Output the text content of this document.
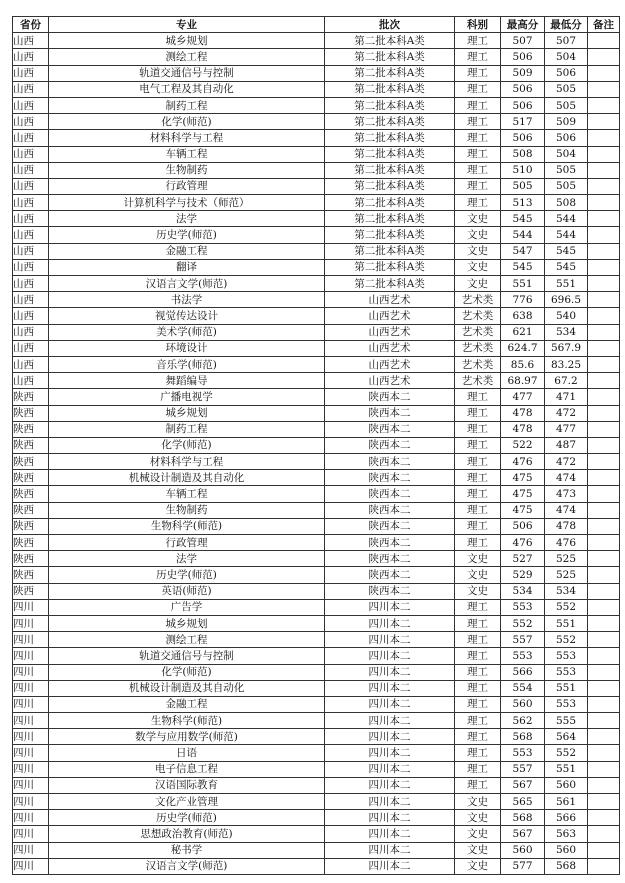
省份	专业	批次	科别	最高分	最低分	备注
山西	城乡规划	第二批本科A类	理工	507	507	
山西	测绘工程	第二批本科A类	理工	506	504	
山西	轨道交通信号与控制	第二批本科A类	理工	509	506	
山西	电气工程及其自动化	第二批本科A类	理工	506	505	
山西	制药工程	第二批本科A类	理工	506	505	
山西	化学(师范)	第二批本科A类	理工	517	509	
山西	材料科学与工程	第二批本科A类	理工	506	506	
山西	车辆工程	第二批本科A类	理工	508	504	
山西	生物制药	第二批本科A类	理工	510	505	
山西	行政管理	第二批本科A类	理工	505	505	
山西	计算机科学与技术（师范）	第二批本科A类	理工	513	508	
山西	法学	第二批本科A类	文史	545	544	
山西	历史学(师范)	第二批本科A类	文史	544	544	
山西	金融工程	第二批本科A类	文史	547	545	
山西	翻译	第二批本科A类	文史	545	545	
山西	汉语言文学(师范)	第二批本科A类	文史	551	551	
山西	书法学	山西艺术	艺术类	776	696.5	
山西	视觉传达设计	山西艺术	艺术类	638	540	
山西	美术学(师范)	山西艺术	艺术类	621	534	
山西	环境设计	山西艺术	艺术类	624.7	567.9	
山西	音乐学(师范)	山西艺术	艺术类	85.6	83.25	
山西	舞蹈编导	山西艺术	艺术类	68.97	67.2	
陕西	广播电视学	陕西本二	理工	477	471	
陕西	城乡规划	陕西本二	理工	478	472	
陕西	制药工程	陕西本二	理工	478	477	
陕西	化学(师范)	陕西本二	理工	522	487	
陕西	材料科学与工程	陕西本二	理工	476	472	
陕西	机械设计制造及其自动化	陕西本二	理工	475	474	
陕西	车辆工程	陕西本二	理工	475	473	
陕西	生物制药	陕西本二	理工	475	474	
陕西	生物科学(师范)	陕西本二	理工	506	478	
陕西	行政管理	陕西本二	理工	476	476	
陕西	法学	陕西本二	文史	527	525	
陕西	历史学(师范)	陕西本二	文史	529	525	
陕西	英语(师范)	陕西本二	文史	534	534	
四川	广告学	四川本二	理工	553	552	
四川	城乡规划	四川本二	理工	552	551	
四川	测绘工程	四川本二	理工	557	552	
四川	轨道交通信号与控制	四川本二	理工	553	553	
四川	化学(师范)	四川本二	理工	566	553	
四川	机械设计制造及其自动化	四川本二	理工	554	551	
四川	金融工程	四川本二	理工	560	553	
四川	生物科学(师范)	四川本二	理工	562	555	
四川	数学与应用数学(师范)	四川本二	理工	568	564	
四川	日语	四川本二	理工	553	552	
四川	电子信息工程	四川本二	理工	557	551	
四川	汉语国际教育	四川本二	理工	567	560	
四川	文化产业管理	四川本二	文史	565	561	
四川	历史学(师范)	四川本二	文史	568	566	
四川	思想政治教育(师范)	四川本二	文史	567	563	
四川	秘书学	四川本二	文史	560	560	
四川	汉语言文学(师范)	四川本二	文史	577	568	
